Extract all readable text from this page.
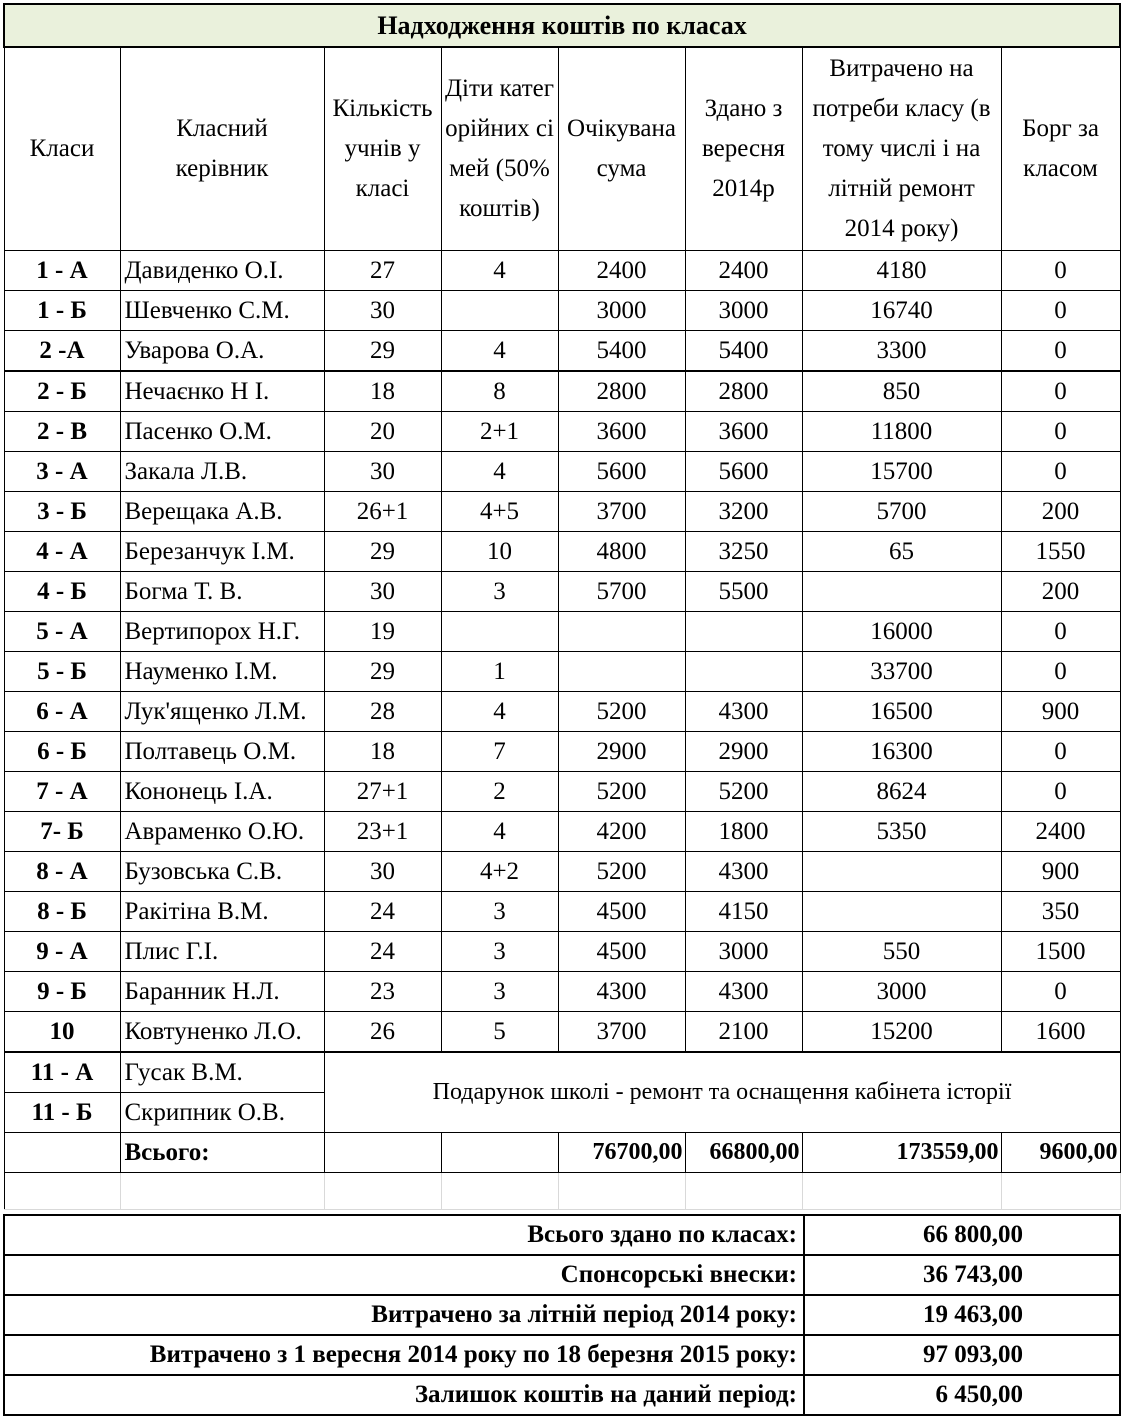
Надходження коштів по класах							
Класи	Класний керівник	Кількість учнів у класі	Діти категорійних сімей (50% коштів)	Очікувана сума	Здано з вересня 2014р	Витрачено на потреби класу (в тому числі і на літній ремонт 2014 року)	Борг за класом
1 - А	Давиденко О.І.	27	4	2400	2400	4180	0
1 - Б	Шевченко С.М.	30		3000	3000	16740	0
2 -А	Уварова О.А.	29	4	5400	5400	3300	0
2 - Б	Нечаєнко Н І.	18	8	2800	2800	850	0
2 - В	Пасенко О.М.	20	2+1	3600	3600	11800	0
3 - А	Закала Л.В.	30	4	5600	5600	15700	0
3 - Б	Верещака А.В.	26+1	4+5	3700	3200	5700	200
4 - А	Березанчук І.М.	29	10	4800	3250	65	1550
4 - Б	Богма Т. В.	30	3	5700	5500		200
5 - А	Вертипорох Н.Г.	19				16000	0
5 - Б	Науменко І.М.	29	1			33700	0
6 - А	Лук'ященко Л.М.	28	4	5200	4300	16500	900
6 - Б	Полтавець О.М.	18	7	2900	2900	16300	0
7 - А	Кононець І.А.	27+1	2	5200	5200	8624	0
7- Б	Авраменко О.Ю.	23+1	4	4200	1800	5350	2400
8 - А	Бузовська С.В.	30	4+2	5200	4300		900
8 - Б	Ракітіна В.М.	24	3	4500	4150		350
9 - А	Плис Г.І.	24	3	4500	3000	550	1500
9 - Б	Баранник Н.Л.	23	3	4300	4300	3000	0
10	Ковтуненко Л.О.	26	5	3700	2100	15200	1600
11 - А	Гусак В.М.	Подарунок школі - ремонт та оснащення кабінета історії					
11 - Б	Скрипник О.В.						
	Всього:			76700,00	66800,00	173559,00	9600,00

Всього здано по класах:	66 800,00
Спонсорські внески:	36 743,00
Витрачено за літній період 2014 року:	19 463,00
Витрачено з 1 вересня 2014 року по 18 березня 2015 року:	97 093,00
Залишок коштів на даний період:	6 450,00
